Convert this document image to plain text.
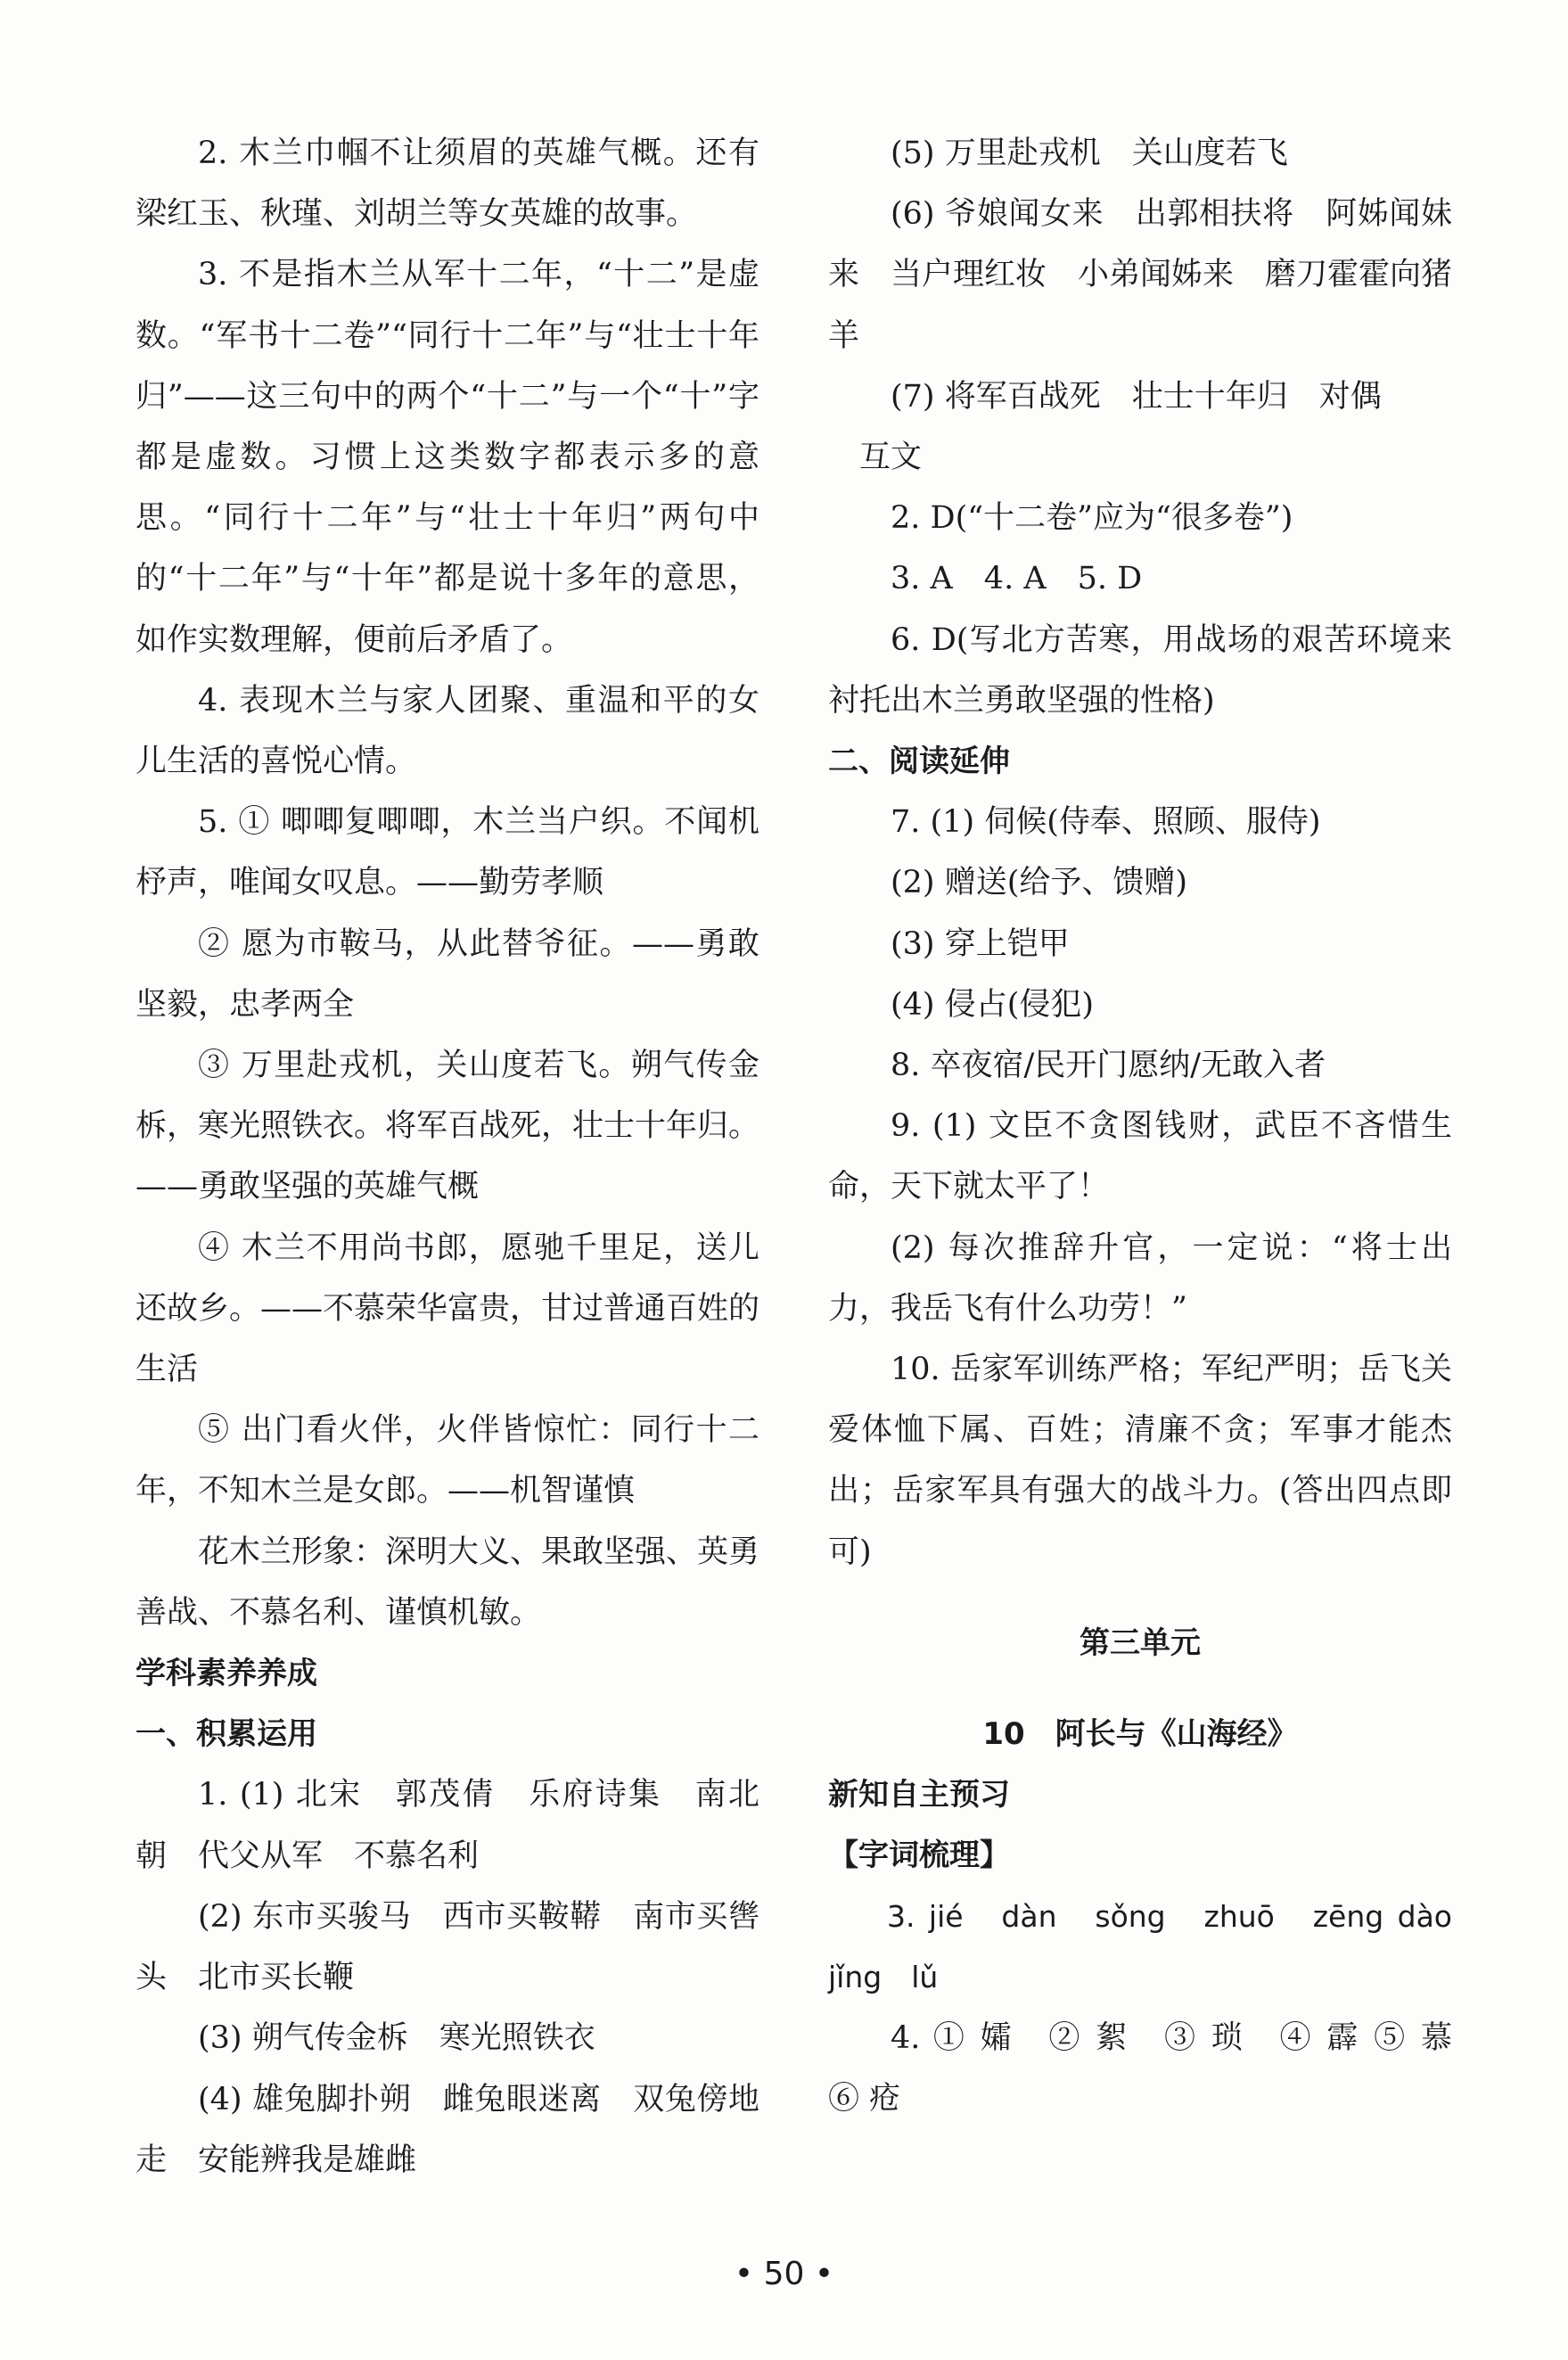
2. 木兰巾帼不让须眉的英雄气概。还有梁红玉、秋瑾、刘胡兰等女英雄的故事。

3. 不是指木兰从军十二年，“十二”是虚数。“军书十二卷”“同行十二年”与“壮士十年归”——这三句中的两个“十二”与一个“十”字都是虚数。习惯上这类数字都表示多的意思。“同行十二年”与“壮士十年归”两句中的“十二年”与“十年”都是说十多年的意思，如作实数理解，便前后矛盾了。

4. 表现木兰与家人团聚、重温和平的女儿生活的喜悦心情。

5. ① 唧唧复唧唧，木兰当户织。不闻机杼声，唯闻女叹息。——勤劳孝顺

② 愿为市鞍马，从此替爷征。——勇敢坚毅，忠孝两全

③ 万里赴戎机，关山度若飞。朔气传金柝，寒光照铁衣。将军百战死，壮士十年归。——勇敢坚强的英雄气概

④ 木兰不用尚书郎，愿驰千里足，送儿还故乡。——不慕荣华富贵，甘过普通百姓的生活

⑤ 出门看火伴，火伴皆惊忙：同行十二年，不知木兰是女郎。——机智谨慎

花木兰形象：深明大义、果敢坚强、英勇善战、不慕名利、谨慎机敏。

学科素养养成

一、积累运用

1. (1) 北宋　郭茂倩　乐府诗集　南北朝　代父从军　不慕名利

(2) 东市买骏马　西市买鞍鞯　南市买辔头　北市买长鞭

(3) 朔气传金柝　寒光照铁衣

(4) 雄兔脚扑朔　雌兔眼迷离　双兔傍地走　安能辨我是雄雌

(5) 万里赴戎机　关山度若飞

(6) 爷娘闻女来　出郭相扶将　阿姊闻妹来　当户理红妆　小弟闻姊来　磨刀霍霍向猪羊

(7) 将军百战死　壮士十年归　对偶

互文

2. D(“十二卷”应为“很多卷”)

3. A　4. A　5. D

6. D(写北方苦寒，用战场的艰苦环境来衬托出木兰勇敢坚强的性格)

二、阅读延伸

7. (1) 伺候(侍奉、照顾、服侍)

(2) 赠送(给予、馈赠)

(3) 穿上铠甲

(4) 侵占(侵犯)

8. 卒夜宿/民开门愿纳/无敢入者

9. (1) 文臣不贪图钱财，武臣不吝惜生命，天下就太平了！

(2) 每次推辞升官，一定说：“将士出力，我岳飞有什么功劳！”

10. 岳家军训练严格；军纪严明；岳飞关爱体恤下属、百姓；清廉不贪；军事才能杰出；岳家军具有强大的战斗力。(答出四点即可)

第三单元

10　阿长与《山海经》

新知自主预习

【字词梳理】

3. jié　dàn　sǒng　zhuō　zēng dào　jǐng　lǔ

4. ① 孀　② 絮　③ 琐　④ 霹 ⑤ 慕　⑥ 疮

• 50 •
